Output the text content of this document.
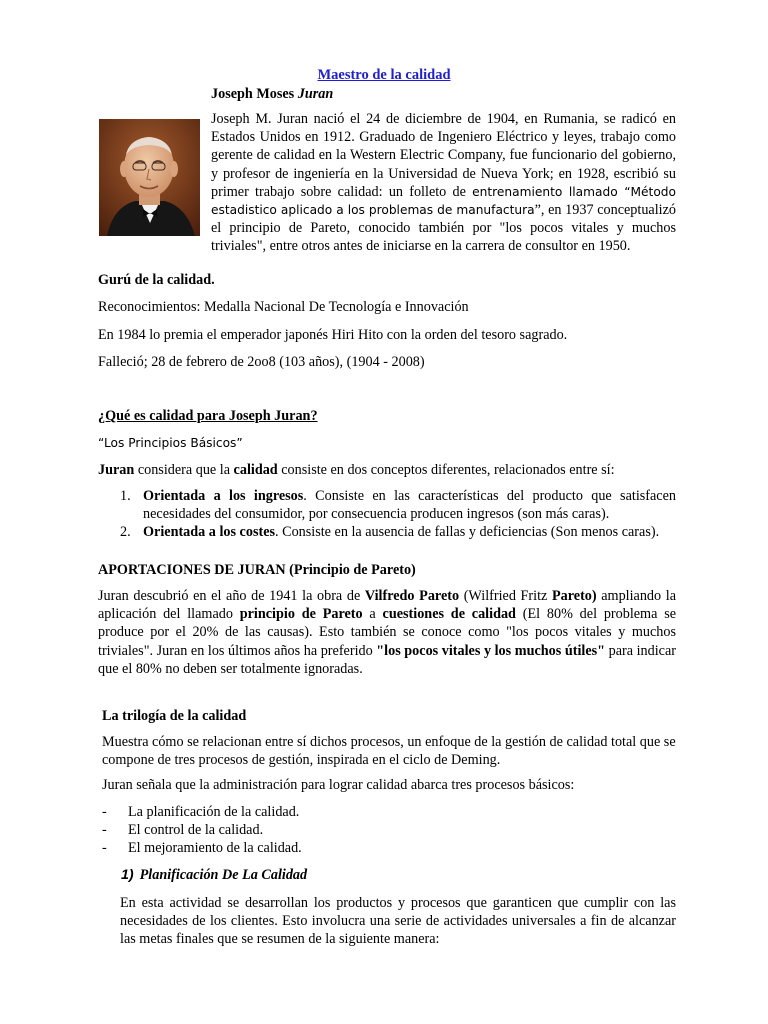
Maestro de la calidad
Joseph Moses Juran
Joseph M. Juran nació el 24 de diciembre de 1904, en Rumania, se radicó en Estados Unidos en 1912. Graduado de Ingeniero Eléctrico y leyes, trabajo como gerente de calidad en la Western Electric Company, fue funcionario del gobierno, y profesor de ingeniería en la Universidad de Nueva York; en 1928, escribió su primer trabajo sobre calidad: un folleto de entrenamiento llamado “Método estadistico aplicado a los problemas de manufactura”, en 1937 conceptualizó el principio de Pareto, conocido también por "los pocos vitales y muchos triviales", entre otros antes de iniciarse en la carrera de consultor en 1950.
Gurú de la calidad.
Reconocimientos: Medalla Nacional De Tecnología e Innovación
En 1984 lo premia el emperador japonés Hiri Hito con la orden del tesoro sagrado.
Falleció; 28 de febrero de 2oo8 (103 años), (1904 - 2008)
¿Qué es calidad para Joseph Juran?
“Los Principios Básicos”
Juran considera que la calidad consiste en dos conceptos diferentes, relacionados entre sí:
1. Orientada a los ingresos. Consiste en las características del producto que satisfacen necesidades del consumidor, por consecuencia producen ingresos (son más caras).
2. Orientada a los costes. Consiste en la ausencia de fallas y deficiencias (Son menos caras).
APORTACIONES DE JURAN (Principio de Pareto)
Juran descubrió en el año de 1941 la obra de Vilfredo Pareto (Wilfried Fritz Pareto) ampliando la aplicación del llamado principio de Pareto a cuestiones de calidad (El 80% del problema se produce por el 20% de las causas). Esto también se conoce como "los pocos vitales y muchos triviales". Juran en los últimos años ha preferido "los pocos vitales y los muchos útiles" para indicar que el 80% no deben ser totalmente ignoradas.
La trilogía de la calidad
Muestra cómo se relacionan entre sí dichos procesos, un enfoque de la gestión de calidad total que se compone de tres procesos de gestión, inspirada en el ciclo de Deming.
Juran señala que la administración para lograr calidad abarca tres procesos básicos:
- La planificación de la calidad.
- El control de la calidad.
- El mejoramiento de la calidad.
1) Planificación De La Calidad
En esta actividad se desarrollan los productos y procesos que garanticen que cumplir con las necesidades de los clientes. Esto involucra una serie de actividades universales a fin de alcanzar las metas finales que se resumen de la siguiente manera:
